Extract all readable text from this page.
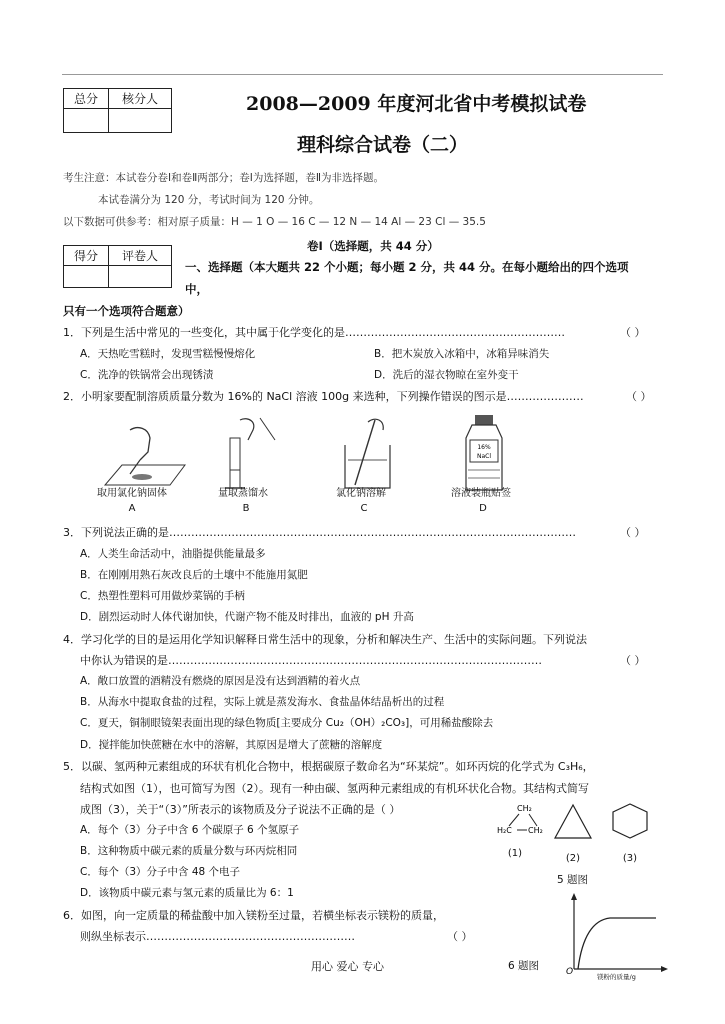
总分	核分人
		2008—2009 年度河北省中考模拟试卷
理科综合试卷（二）
考生注意：本试卷分卷Ⅰ和卷Ⅱ两部分；卷Ⅰ为选择题，卷Ⅱ为非选择题。
本试卷满分为 120 分，考试时间为 120 分钟。
以下数据可供参考：相对原子质量：H — 1 O — 16 C — 12 N — 14 Al — 23 Cl — 35.5
得分	评卷人

卷Ⅰ（选择题，共 44 分）
一、选择题（本大题共 22 个小题；每小题 2 分，共 44 分。在每小题给出的四个选项
中，
只有一个选项符合题意）
1．下列是生活中常见的一些变化，其中属于化学变化的是……………………………………………………	（ ）
A．天热吃雪糕时，发现雪糕慢慢熔化	B．把木炭放入冰箱中，冰箱异味消失
C．洗净的铁锅常会出现锈渍	D．洗后的湿衣物晾在室外变干
2．小明家要配制溶质质量分数为 16%的 NaCl 溶液 100g 来选种，下列操作错误的图示是…………………	（ ）
16%
NaCl
取用氯化钠固体	量取蒸馏水	氯化钠溶解	溶液装瓶贴签
A	B	C	D
3．下列说法正确的是…………………………………………………………………………………………………	（ ）
A．人类生命活动中，油脂提供能量最多
B．在刚刚用熟石灰改良后的土壤中不能施用氮肥
C．热塑性塑料可用做炒菜锅的手柄
D．剧烈运动时人体代谢加快，代谢产物不能及时排出，血液的 pH 升高
4．学习化学的目的是运用化学知识解释日常生活中的现象，分析和解决生产、生活中的实际问题。下列说法
中你认为错误的是…………………………………………………………………………………………	（ ）
A．敞口放置的酒精没有燃烧的原因是没有达到酒精的着火点
B．从海水中提取食盐的过程，实际上就是蒸发海水、食盐晶体结晶析出的过程
C．夏天，铜制眼镜架表面出现的绿色物质[主要成分 Cu₂（OH）₂CO₃]，可用稀盐酸除去
D．搅拌能加快蔗糖在水中的溶解，其原因是增大了蔗糖的溶解度
5．以碳、氢两种元素组成的环状有机化合物中，根据碳原子数命名为“环某烷”。如环丙烷的化学式为 C₃H₆，
结构式如图（1），也可简写为图（2）。现有一种由碳、氢两种元素组成的有机环状化合物。其结构式简写
成图（3），关于“（3）”所表示的该物质及分子说法不正确的是（ ）
A．每个（3）分子中含 6 个碳原子 6 个氢原子
B．这种物质中碳元素的质量分数与环丙烷相同
C．每个（3）分子中含 48 个电子
D．该物质中碳元素与氢元素的质量比为 6：1
CH₂
H₂C CH₂
(1)	(2)	(3)
5 题图
6．如图，向一定质量的稀盐酸中加入镁粉至过量，若横坐标表示镁粉的质量，
则纵坐标表示…………………………………………………	（ ）
O	镁粉的质量/g
6 题图
用心 爱心 专心
